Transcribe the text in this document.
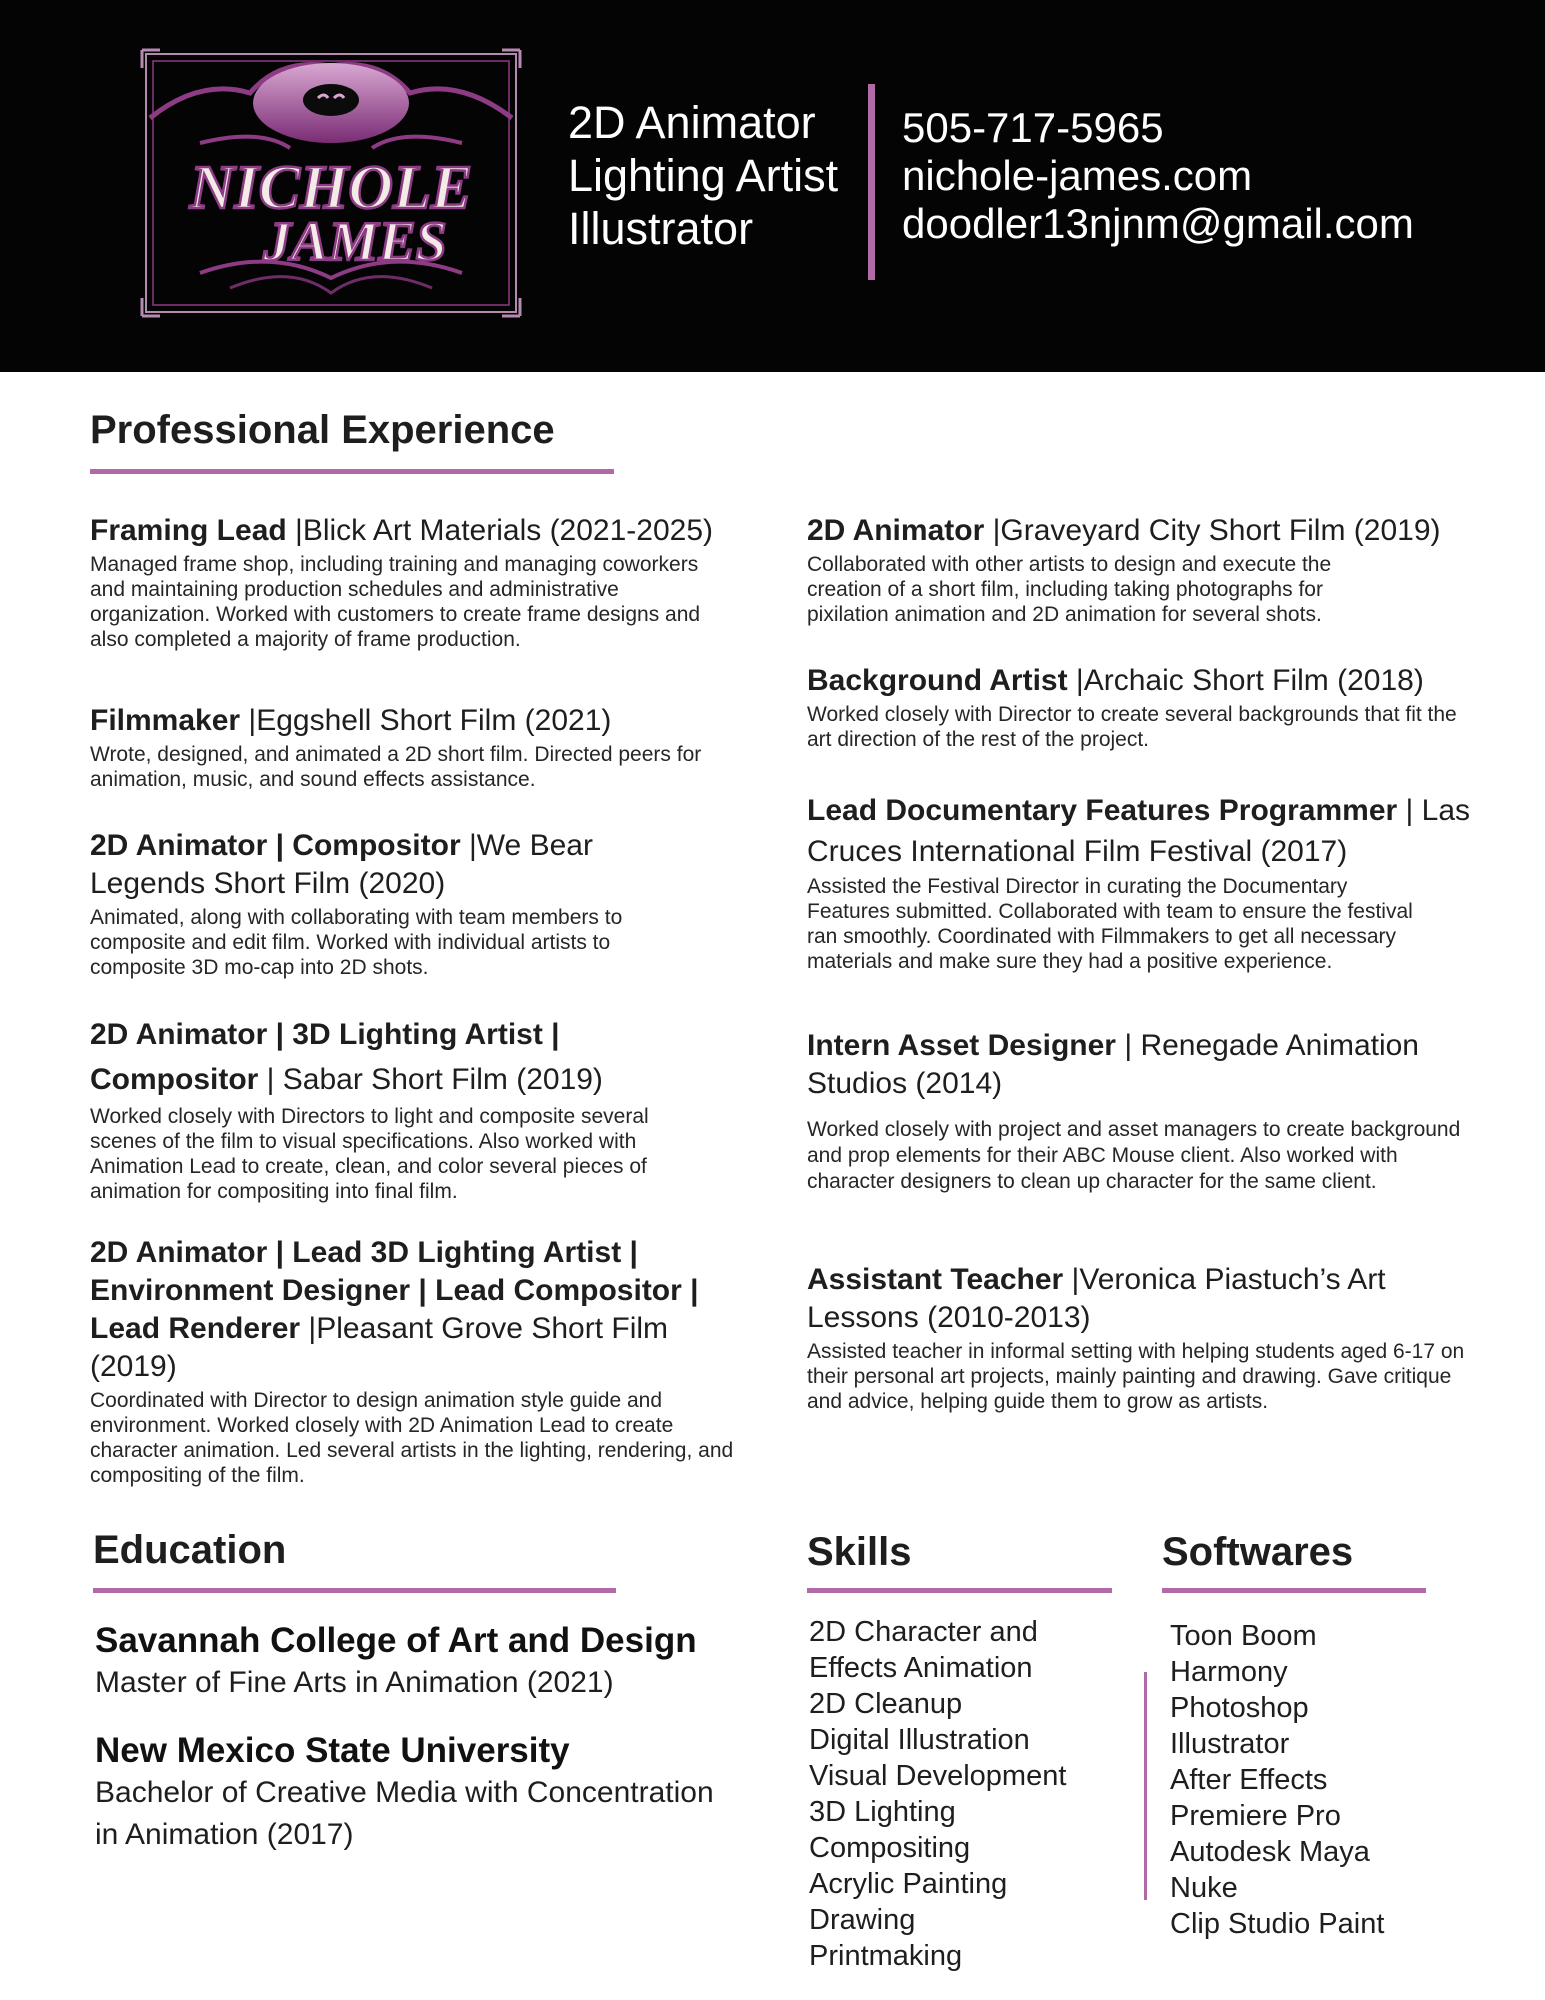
NICHOLE
JAMES
2D Animator
Lighting Artist
Illustrator
505-717-5965
nichole-james.com
doodler13njnm@gmail.com
Professional Experience
Framing Lead |Blick Art Materials (2021-2025)
Managed frame shop, including training and managing coworkers and maintaining production schedules and administrative organization. Worked with customers to create frame designs and also completed a majority of frame production.
Filmmaker |Eggshell Short Film (2021)
Wrote, designed, and animated a 2D short film. Directed peers for animation, music, and sound effects assistance.
2D Animator | Compositor |We Bear Legends Short Film (2020)
Animated, along with collaborating with team members to composite and edit film. Worked with individual artists to composite 3D mo-cap into 2D shots.
2D Animator | 3D Lighting Artist | Compositor | Sabar Short Film (2019)
Worked closely with Directors to light and composite several scenes of the film to visual specifications. Also worked with Animation Lead to create, clean, and color several pieces of animation for compositing into final film.
2D Animator | Lead 3D Lighting Artist | Environment Designer | Lead Compositor | Lead Renderer |Pleasant Grove Short Film (2019)
Coordinated with Director to design animation style guide and environment. Worked closely with 2D Animation Lead to create character animation. Led several artists in the lighting, rendering, and compositing of the film.
2D Animator |Graveyard City Short Film (2019)
Collaborated with other artists to design and execute the creation of a short film, including taking photographs for pixilation animation and 2D animation for several shots.
Background Artist |Archaic Short Film (2018)
Worked closely with Director to create several backgrounds that fit the art direction of the rest of the project.
Lead Documentary Features Programmer | Las Cruces International Film Festival (2017)
Assisted the Festival Director in curating the Documentary Features submitted. Collaborated with team to ensure the festival ran smoothly. Coordinated with Filmmakers to get all necessary materials and make sure they had a positive experience.
Intern Asset Designer | Renegade Animation Studios (2014)
Worked closely with project and asset managers to create background and prop elements for their ABC Mouse client. Also worked with character designers to clean up character for the same client.
Assistant Teacher |Veronica Piastuch’s Art Lessons (2010-2013)
Assisted teacher in informal setting with helping students aged 6-17 on their personal art projects, mainly painting and drawing. Gave critique and advice, helping guide them to grow as artists.
Education
Savannah College of Art and Design
Master of Fine Arts in Animation (2021)
New Mexico State University
Bachelor of Creative Media with Concentration in Animation (2017)
Skills
2D Character and
Effects Animation
2D Cleanup
Digital Illustration
Visual Development
3D Lighting
Compositing
Acrylic Painting
Drawing
Printmaking
Softwares
Toon Boom
Harmony
Photoshop
Illustrator
After Effects
Premiere Pro
Autodesk Maya
Nuke
Clip Studio Paint
